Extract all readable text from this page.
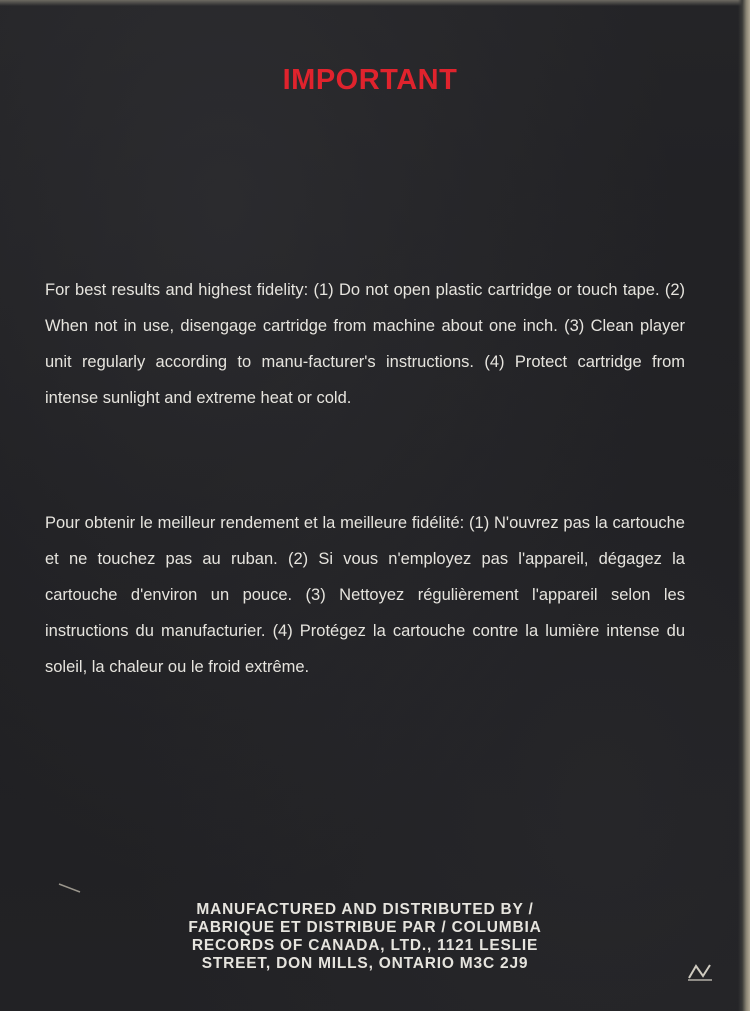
IMPORTANT

For best results and highest fidelity: (1) Do not open plastic cartridge or touch tape. (2) When not in use, disengage cartridge from machine about one inch. (3) Clean player unit regularly according to manu-facturer's instructions. (4) Protect cartridge from intense sunlight and extreme heat or cold.

Pour obtenir le meilleur rendement et la meilleure fidélité: (1) N'ouvrez pas la cartouche et ne touchez pas au ruban. (2) Si vous n'employez pas l'appareil, dégagez la cartouche d'environ un pouce. (3) Nettoyez régulièrement l'appareil selon les instructions du manufacturier. (4) Protégez la cartouche contre la lumière intense du soleil, la chaleur ou le froid extrême.

MANUFACTURED AND DISTRIBUTED BY /
FABRIQUE ET DISTRIBUE PAR / COLUMBIA
RECORDS OF CANADA, LTD., 1121 LESLIE
STREET, DON MILLS, ONTARIO M3C 2J9
